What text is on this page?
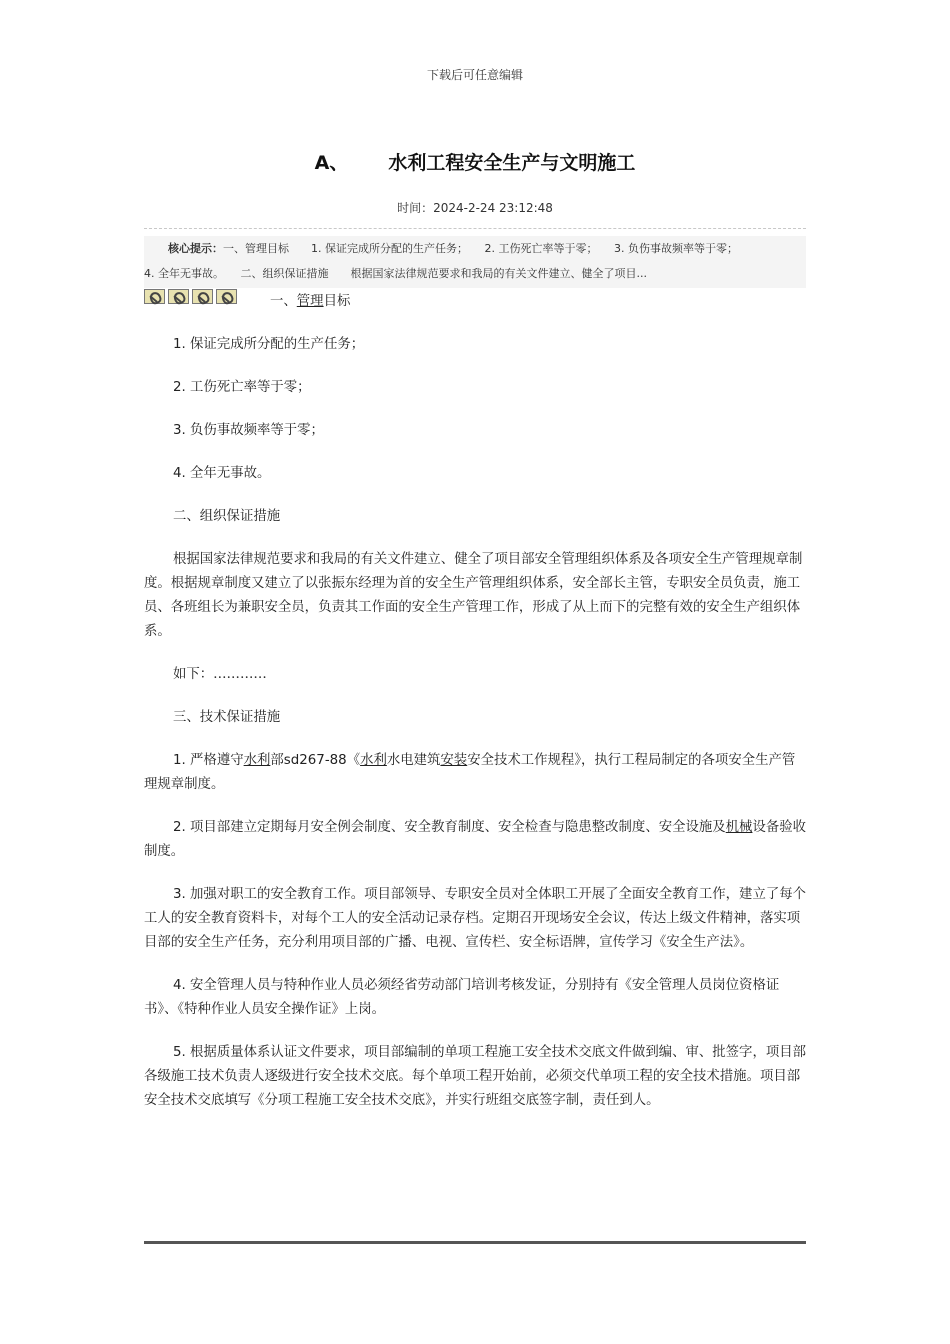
下载后可任意编辑
A、 水利工程安全生产与文明施工
时间：2024-2-24 23:12:48
核心提示：一、管理目标　　1. 保证完成所分配的生产任务；　　2. 工伤死亡率等于零；　　3. 负伤事故频率等于零；
4. 全年无事故。　　二、组织保证措施　　根据国家法律规范要求和我局的有关文件建立、健全了项目...

一、管理目标

1. 保证完成所分配的生产任务；

2. 工伤死亡率等于零；

3. 负伤事故频率等于零；

4. 全年无事故。

二、组织保证措施

根据国家法律规范要求和我局的有关文件建立、健全了项目部安全管理组织体系及各项安全生产管理规章制度。根据规章制度又建立了以张振东经理为首的安全生产管理组织体系，安全部长主管，专职安全员负责，施工员、各班组长为兼职安全员，负责其工作面的安全生产管理工作，形成了从上而下的完整有效的安全生产组织体系。

如下：…………

三、技术保证措施

1. 严格遵守水利部sd267-88《水利水电建筑安装安全技术工作规程》，执行工程局制定的各项安全生产管理规章制度。

2. 项目部建立定期每月安全例会制度、安全教育制度、安全检查与隐患整改制度、安全设施及机械设备验收制度。

3. 加强对职工的安全教育工作。项目部领导、专职安全员对全体职工开展了全面安全教育工作，建立了每个工人的安全教育资料卡，对每个工人的安全活动记录存档。定期召开现场安全会议，传达上级文件精神，落实项目部的安全生产任务，充分利用项目部的广播、电视、宣传栏、安全标语牌，宣传学习《安全生产法》。

4. 安全管理人员与特种作业人员必须经省劳动部门培训考核发证，分别持有《安全管理人员岗位资格证书》、《特种作业人员安全操作证》上岗。

5. 根据质量体系认证文件要求，项目部编制的单项工程施工安全技术交底文件做到编、审、批签字，项目部各级施工技术负责人逐级进行安全技术交底。每个单项工程开始前，必须交代单项工程的安全技术措施。项目部安全技术交底填写《分项工程施工安全技术交底》，并实行班组交底签字制，责任到人。
